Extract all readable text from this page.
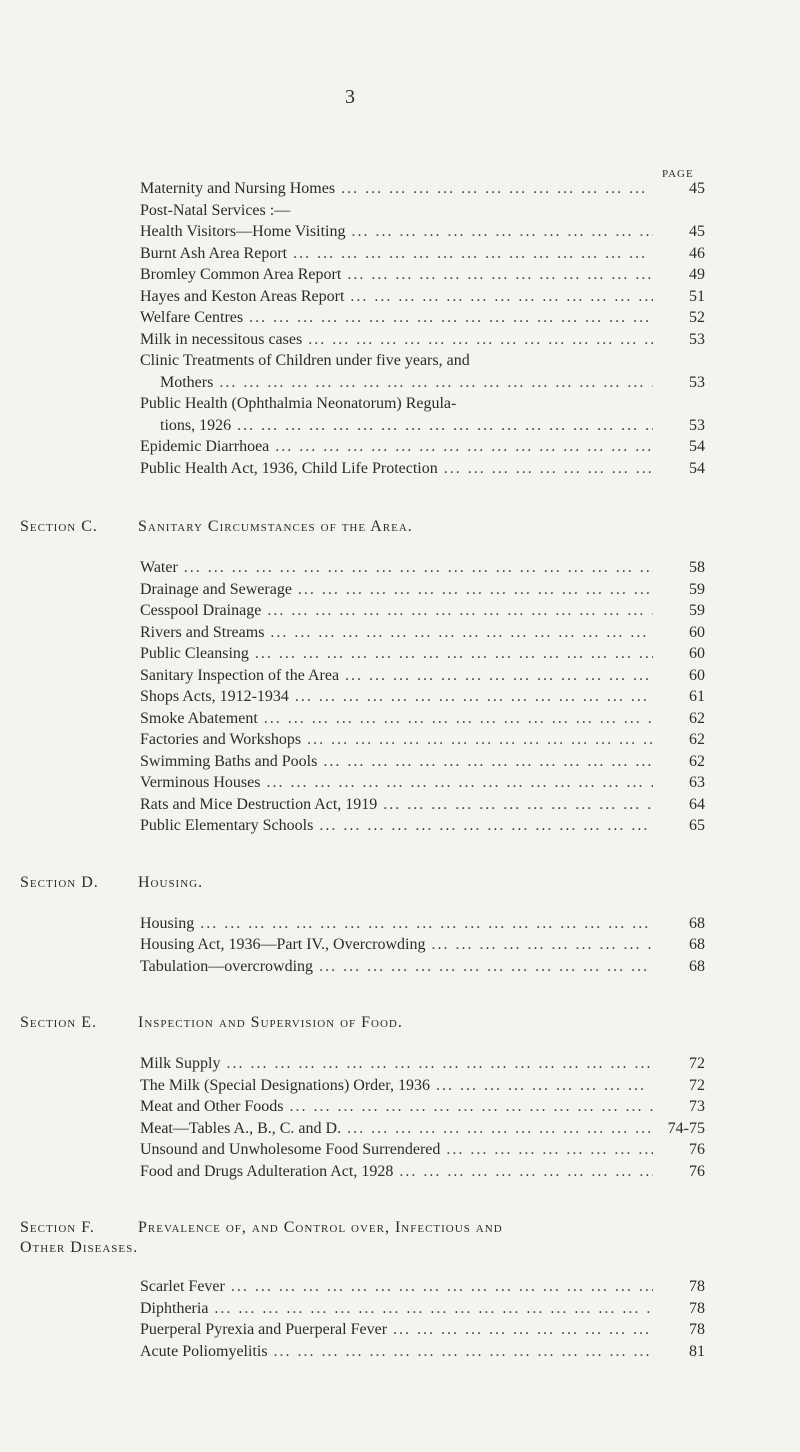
3
PAGE
Maternity and Nursing Homes ... .	45
Post-Natal Services :—
Health Visitors—Home Visiting ... .	45
Burnt Ash Area Report ... .	46
Bromley Common Area Report ... .	49
Hayes and Keston Areas Report ... .	51
Welfare Centres ... .	52
Milk in necessitous cases ... .	53
Clinic Treatments of Children under five years, and
Mothers ... .	53
Public Health (Ophthalmia Neonatorum) Regula-
tions, 1926 ... .	53
Epidemic Diarrhoea ... .	54
Public Health Act, 1936, Child Life Protection ... .	54
Section C.	Sanitary Circumstances of the Area.
Water ... .	58
Drainage and Sewerage ... .	59
Cesspool Drainage ... .	59
Rivers and Streams ... .	60
Public Cleansing ... .	60
Sanitary Inspection of the Area ... .	60
Shops Acts, 1912-1934 ... .	61
Smoke Abatement ... .	62
Factories and Workshops ... .	62
Swimming Baths and Pools ... .	62
Verminous Houses ... .	63
Rats and Mice Destruction Act, 1919 ... .	64
Public Elementary Schools ... .	65
Section D. Housing.
Housing ... .	68
Housing Act, 1936—Part IV., Overcrowding ... .	68
Tabulation—overcrowding ... .	68
Section E.	Inspection and Supervision of Food.
Milk Supply ... .	72
The Milk (Special Designations) Order, 1936 ... .	72
Meat and Other Foods ... .	73
Meat—Tables A., B., C. and D. ... .	74-75
Unsound and Unwholesome Food Surrendered ... .	76
Food and Drugs Adulteration Act, 1928 ... .	76
Section F.	Prevalence of, and Control over, Infectious and
Other Diseases.
Scarlet Fever ... .	78
Diphtheria ... .	78
Puerperal Pyrexia and Puerperal Fever ... .	78
Acute Poliomyelitis ... .	81
